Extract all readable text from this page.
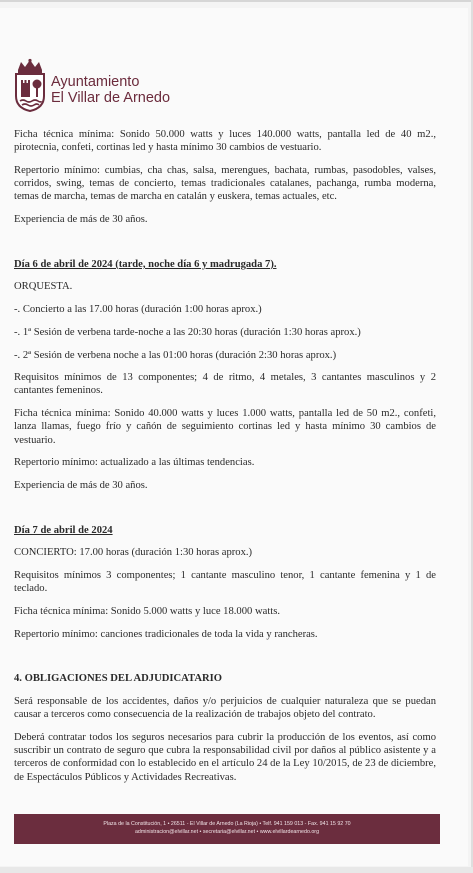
Ayuntamiento
El Villar de Arnedo

Ficha técnica mínima: Sonido 50.000 watts y luces 140.000 watts, pantalla led de 40 m2., pirotecnia, confeti, cortinas led y hasta mínimo 30 cambios de vestuario.

Repertorio mínimo: cumbias, cha chas, salsa, merengues, bachata, rumbas, pasodobles, valses, corridos, swing, temas de concierto, temas tradicionales catalanes, pachanga, rumba moderna, temas de marcha, temas de marcha en catalán y euskera, temas actuales, etc.

Experiencia de más de 30 años.

Día 6 de abril de 2024 (tarde, noche día 6 y madrugada 7).

ORQUESTA.

-. Concierto a las 17.00 horas (duración 1:00 horas aprox.)

-. 1ª Sesión de verbena tarde-noche a las 20:30 horas (duración 1:30 horas aprox.)

-. 2ª Sesión de verbena noche a las 01:00 horas (duración 2:30 horas aprox.)

Requisitos mínimos de 13 componentes; 4 de ritmo, 4 metales, 3 cantantes masculinos y 2 cantantes femeninos.

Ficha técnica mínima: Sonido 40.000 watts y luces 1.000 watts, pantalla led de 50 m2., confeti, lanza llamas, fuego frío y cañón de seguimiento cortinas led y hasta mínimo 30 cambios de vestuario.

Repertorio mínimo: actualizado a las últimas tendencias.

Experiencia de más de 30 años.

Día 7 de abril de 2024

CONCIERTO: 17.00 horas (duración 1:30 horas aprox.)

Requisitos mínimos 3 componentes; 1 cantante masculino tenor, 1 cantante femenina y 1 de teclado.

Ficha técnica mínima: Sonido 5.000 watts y luce 18.000 watts.

Repertorio mínimo: canciones tradicionales de toda la vida y rancheras.

4. OBLIGACIONES DEL ADJUDICATARIO

Será responsable de los accidentes, daños y/o perjuicios de cualquier naturaleza que se puedan causar a terceros como consecuencia de la realización de trabajos objeto del contrato.

Deberá contratar todos los seguros necesarios para cubrir la producción de los eventos, así como suscribir un contrato de seguro que cubra la responsabilidad civil por daños al público asistente y a terceros de conformidad con lo establecido en el artículo 24 de la Ley 10/2015, de 23 de diciembre, de Espectáculos Públicos y Actividades Recreativas.

Plaza de la Constitución, 1 • 26511 - El Villar de Arnedo (La Rioja) • Telf. 941 159 013 - Fax. 941 15 92 70
administracion@elvillar.net • secretaria@elvillar.net • www.elvillardearnedo.org
